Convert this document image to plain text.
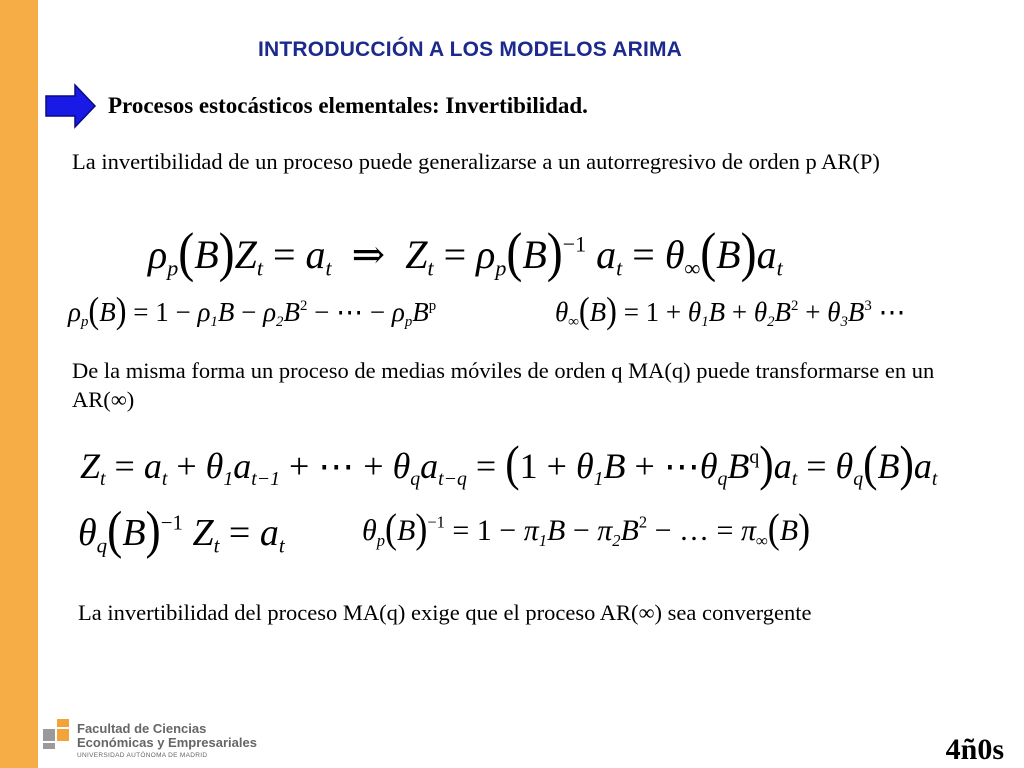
INTRODUCCIÓN A LOS MODELOS ARIMA
Procesos estocásticos elementales: Invertibilidad.
La invertibilidad de un proceso puede generalizarse a un autorregresivo de orden p AR(P)
$\rho_p(B)Z_t = a_t$  ⇒  $Z_t = \rho_p(B)^{-1}$ $a_t = \theta_\infty(B)a_t$
$\rho_p(B) = 1 - \rho_1B - \rho_2B^2$ − ⋯ − $\rho_pB^p$	$\theta_\infty(B) = 1 + \theta_1B + \theta_2B^2 + \theta_3B^3$ ⋯
De la misma forma un proceso de medias móviles de orden q MA(q) puede transformarse en un AR(∞)
$Z_t = a_t + \theta_1a_{t-1}$ + ⋯ + $\theta_qa_{t-q} = (1 + \theta_1B$ + $\cdots\theta_qB^q)a_t = \theta_q(B)a_t$
$\theta_q(B)^{-1}$ $Z_t = a_t$	$\theta_p(B)^{-1} = 1 - \pi_1B - \pi_2B^2$ − … = $\pi_\infty(B)$
La invertibilidad del proceso MA(q) exige que el proceso AR(∞) sea convergente
Facultad de Ciencias
Económicas y Empresariales
UNIVERSIDAD AUTÓNOMA DE MADRID	4ñ0s
